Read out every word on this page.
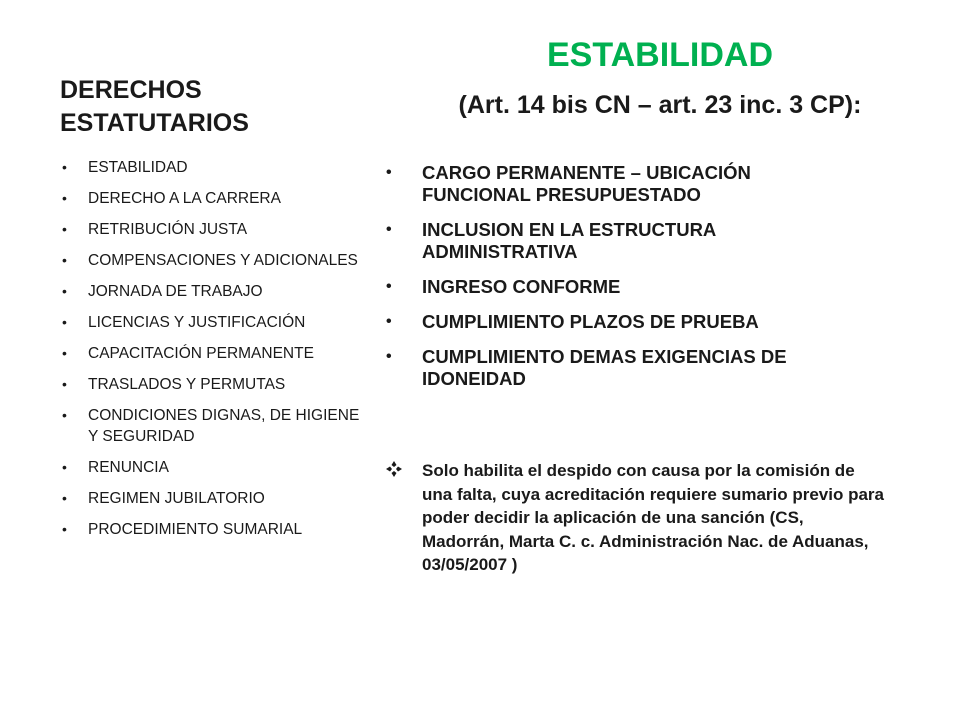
DERECHOS ESTATUTARIOS
• ESTABILIDAD
• DERECHO A LA CARRERA
• RETRIBUCIÓN JUSTA
• COMPENSACIONES Y ADICIONALES
• JORNADA DE TRABAJO
• LICENCIAS Y JUSTIFICACIÓN
• CAPACITACIÓN PERMANENTE
• TRASLADOS Y PERMUTAS
• CONDICIONES DIGNAS, DE HIGIENE Y SEGURIDAD
• RENUNCIA
• REGIMEN JUBILATORIO
• PROCEDIMIENTO SUMARIAL
ESTABILIDAD
(Art. 14 bis CN – art. 23 inc. 3 CP):
• CARGO PERMANENTE – UBICACIÓN FUNCIONAL PRESUPUESTADO
• INCLUSION EN LA ESTRUCTURA ADMINISTRATIVA
• INGRESO CONFORME
• CUMPLIMIENTO PLAZOS DE PRUEBA
• CUMPLIMIENTO DEMAS EXIGENCIAS DE IDONEIDAD
Solo habilita el despido con causa por la comisión de una falta, cuya acreditación requiere sumario previo para poder decidir la aplicación de una sanción (CS, Madorrán, Marta C. c. Administración Nac. de Aduanas, 03/05/2007 )
